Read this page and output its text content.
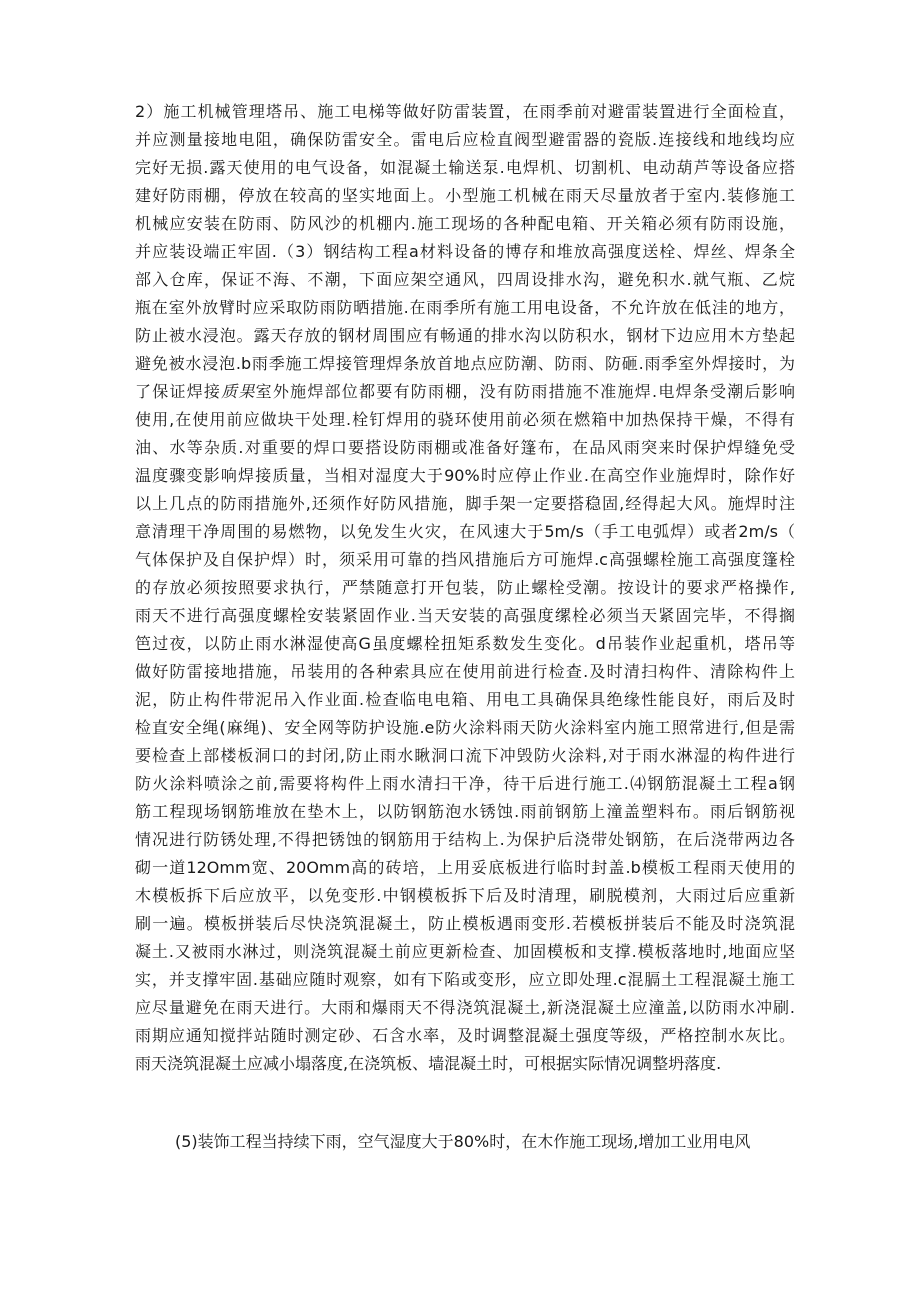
2）施工机械管理塔吊、施工电梯等做好防雷装置，在雨季前对避雷装置进行全面检直，
并应测量接地电阻，确保防雷安全。雷电后应检直阀型避雷器的瓷版.连接线和地线均应
完好无损.露天使用的电气设备，如混凝土输送泵.电焊机、切割机、电动葫芦等设备应搭
建好防雨棚，停放在较高的坚实地面上。小型施工机械在雨天尽量放者于室内.装修施工
机械应安装在防雨、防风沙的机棚内.施工现场的各种配电箱、开关箱必须有防雨设施，
并应装设端正牢固.（3）钢结构工程a材料设备的博存和堆放高强度送栓、焊丝、焊条全
部入仓库，保证不海、不潮，下面应架空通风，四周设排水沟，避免积水.就气瓶、乙烷
瓶在室外放臂时应采取防雨防晒措施.在雨季所有施工用电设备，不允许放在低洼的地方，
防止被水浸泡。露天存放的钢材周围应有畅通的排水沟以防积水，钢材下边应用木方垫起
避免被水浸泡.b雨季施工焊接管理焊条放首地点应防潮、防雨、防砸.雨季室外焊接时，为
了保证焊接质果室外施焊部位都要有防雨棚，没有防雨措施不准施焊.电焊条受潮后影响
使用,在使用前应做块干处理.栓钉焊用的骁环使用前必须在燃箱中加热保持干燥，不得有
油、水等杂质.对重要的焊口要搭设防雨棚或准备好篷布，在品风雨突来时保护焊缝免受
温度骤变影响焊接质量，当相对湿度大于90%时应停止作业.在高空作业施焊时，除作好
以上几点的防雨措施外,还须作好防风措施，脚手架一定要搭稳固,经得起大风。施焊时注
意清理干净周围的易燃物，以免发生火灾，在风速大于5m∕s（手工电弧焊）或者2m∕s（
气体保护及自保护焊）时，须采用可靠的挡风措施后方可施焊.c高强螺栓施工高强度篷栓
的存放必须按照要求执行，严禁随意打开包装，防止螺栓受潮。按设计的要求严格操作,
雨天不进行高强度螺栓安装紧固作业.当天安装的高强度缧栓必须当天紧固完毕，不得搁
笆过夜，以防止雨水淋湿使高G虽度螺栓扭矩系数发生变化。d吊装作业起重机，塔吊等
做好防雷接地措施，吊装用的各种索具应在使用前进行检查.及时清扫构件、清除构件上
泥，防止构件带泥吊入作业面.检查临电电箱、用电工具确保具绝缘性能良好，雨后及时
检直安全绳(麻绳)、安全网等防护设施.e防火涂料雨天防火涂料室内施工照常进行,但是需
要检查上部楼板洞口的封闭,防止雨水瞅洞口流下冲毁防火涂料,对于雨水淋湿的构件进行
防火涂料喷涂之前,需要将构件上雨水清扫干净，待干后进行施工.⑷钢筋混凝土工程a钢
筋工程现场钢筋堆放在垫木上，以防钢筋泡水锈蚀.雨前钢筋上潼盖塑料布。雨后钢筋视
情况进行防锈处理,不得把锈蚀的钢筋用于结构上.为保护后浇带处钢筋，在后浇带两边各
砌一道12Omm宽、20Omm高的砖培，上用妥底板进行临时封盖.b模板工程雨天使用的
木模板拆下后应放平，以免变形.中钢模板拆下后及时清理，刷脱模剂，大雨过后应重新
刷一遍。模板拼装后尽快浇筑混凝土，防止模板遇雨变形.若模板拼装后不能及时浇筑混
凝土.又被雨水淋过，则浇筑混凝土前应更新检查、加固模板和支撑.模板落地时,地面应坚
实，并支撑牢固.基础应随时观察，如有下陷或变形，应立即处理.c混膈土工程混凝土施工
应尽量避免在雨天进行。大雨和爆雨天不得浇筑混凝土,新浇混凝土应潼盖,以防雨水冲刷.
雨期应通知搅拌站随时测定砂、石含水率，及时调整混凝土强度等级，严格控制水灰比。
雨天浇筑混凝土应减小塌落度,在浇筑板、墙混凝土时，可根据实际情况调整坍落度.
(5)装饰工程当持续下雨，空气湿度大于80%时，在木作施工现场,增加工业用电风
